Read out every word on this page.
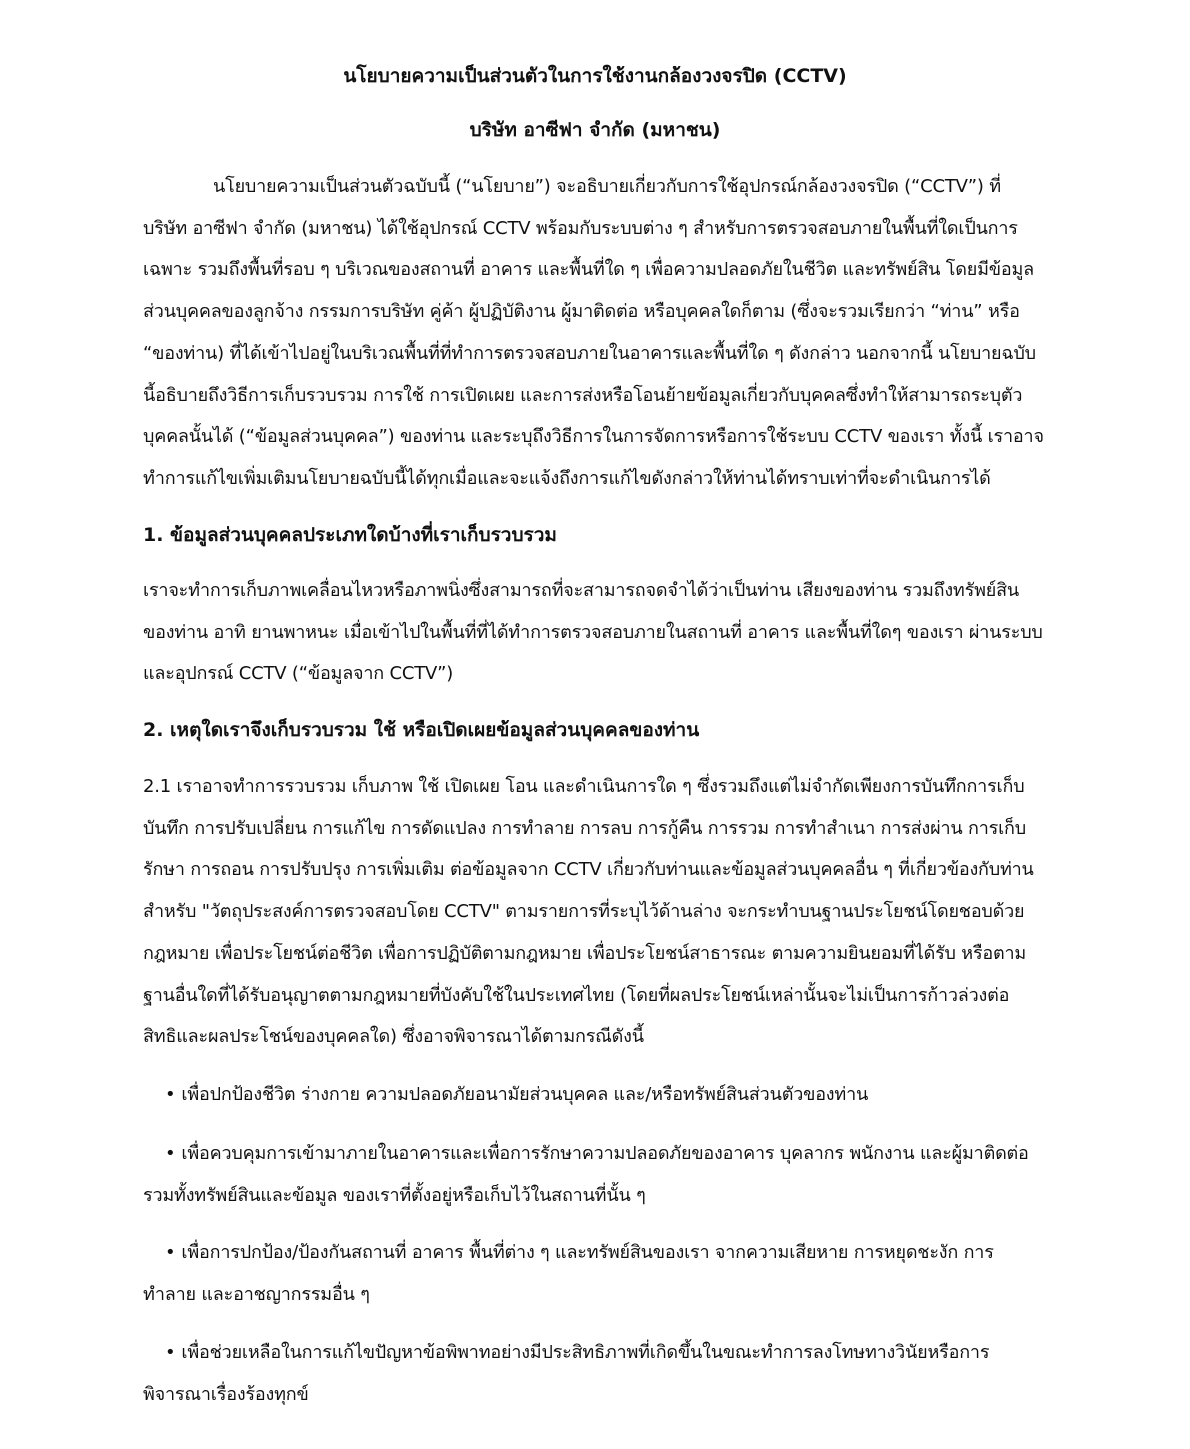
นโยบายความเป็นส่วนตัวในการใช้งานกล้องวงจรปิด (CCTV)
บริษัท อาซีฟา จำกัด (มหาชน)
นโยบายความเป็นส่วนตัวฉบับนี้ (“นโยบาย”) จะอธิบายเกี่ยวกับการใช้อุปกรณ์กล้องวงจรปิด (“CCTV”) ที่
บริษัท อาซีฟา จำกัด (มหาชน) ได้ใช้อุปกรณ์ CCTV พร้อมกับระบบต่าง ๆ สำหรับการตรวจสอบภายในพื้นที่ใดเป็นการ
เฉพาะ รวมถึงพื้นที่รอบ ๆ บริเวณของสถานที่ อาคาร และพื้นที่ใด ๆ เพื่อความปลอดภัยในชีวิต และทรัพย์สิน โดยมีข้อมูล
ส่วนบุคคลของลูกจ้าง กรรมการบริษัท คู่ค้า ผู้ปฏิบัติงาน ผู้มาติดต่อ หรือบุคคลใดก็ตาม (ซึ่งจะรวมเรียกว่า “ท่าน” หรือ
“ของท่าน) ที่ได้เข้าไปอยู่ในบริเวณพื้นที่ที่ทำการตรวจสอบภายในอาคารและพื้นที่ใด ๆ ดังกล่าว นอกจากนี้ นโยบายฉบับ
นี้อธิบายถึงวิธีการเก็บรวบรวม การใช้ การเปิดเผย และการส่งหรือโอนย้ายข้อมูลเกี่ยวกับบุคคลซึ่งทำให้สามารถระบุตัว
บุคคลนั้นได้ (“ข้อมูลส่วนบุคคล”) ของท่าน และระบุถึงวิธีการในการจัดการหรือการใช้ระบบ CCTV ของเรา ทั้งนี้ เราอาจ
ทำการแก้ไขเพิ่มเติมนโยบายฉบับนี้ได้ทุกเมื่อและจะแจ้งถึงการแก้ไขดังกล่าวให้ท่านได้ทราบเท่าที่จะดำเนินการได้
1. ข้อมูลส่วนบุคคลประเภทใดบ้างที่เราเก็บรวบรวม
เราจะทำการเก็บภาพเคลื่อนไหวหรือภาพนิ่งซึ่งสามารถที่จะสามารถจดจำได้ว่าเป็นท่าน เสียงของท่าน รวมถึงทรัพย์สิน
ของท่าน อาทิ ยานพาหนะ เมื่อเข้าไปในพื้นที่ที่ได้ทำการตรวจสอบภายในสถานที่ อาคาร และพื้นที่ใดๆ ของเรา ผ่านระบบ
และอุปกรณ์ CCTV (“ข้อมูลจาก CCTV”)
2. เหตุใดเราจึงเก็บรวบรวม ใช้ หรือเปิดเผยข้อมูลส่วนบุคคลของท่าน
2.1 เราอาจทำการรวบรวม เก็บภาพ ใช้ เปิดเผย โอน และดำเนินการใด ๆ ซึ่งรวมถึงแต่ไม่จำกัดเพียงการบันทึกการเก็บ
บันทึก การปรับเปลี่ยน การแก้ไข การดัดแปลง การทำลาย การลบ การกู้คืน การรวม การทำสำเนา การส่งผ่าน การเก็บ
รักษา การถอน การปรับปรุง การเพิ่มเติม ต่อข้อมูลจาก CCTV เกี่ยวกับท่านและข้อมูลส่วนบุคคลอื่น ๆ ที่เกี่ยวข้องกับท่าน
สำหรับ "วัตถุประสงค์การตรวจสอบโดย CCTV" ตามรายการที่ระบุไว้ด้านล่าง จะกระทำบนฐานประโยชน์โดยชอบด้วย
กฎหมาย เพื่อประโยชน์ต่อชีวิต เพื่อการปฏิบัติตามกฎหมาย เพื่อประโยชน์สาธารณะ ตามความยินยอมที่ได้รับ หรือตาม
ฐานอื่นใดที่ได้รับอนุญาตตามกฎหมายที่บังคับใช้ในประเทศไทย (โดยที่ผลประโยชน์เหล่านั้นจะไม่เป็นการก้าวล่วงต่อ
สิทธิและผลประโชน์ของบุคคลใด) ซึ่งอาจพิจารณาได้ตามกรณีดังนี้
• เพื่อปกป้องชีวิต ร่างกาย ความปลอดภัยอนามัยส่วนบุคคล และ/หรือทรัพย์สินส่วนตัวของท่าน
• เพื่อควบคุมการเข้ามาภายในอาคารและเพื่อการรักษาความปลอดภัยของอาคาร บุคลากร พนักงาน และผู้มาติดต่อ
รวมทั้งทรัพย์สินและข้อมูล ของเราที่ตั้งอยู่หรือเก็บไว้ในสถานที่นั้น ๆ
• เพื่อการปกป้อง/ป้องกันสถานที่ อาคาร พื้นที่ต่าง ๆ และทรัพย์สินของเรา จากความเสียหาย การหยุดชะงัก การ
ทำลาย และอาชญากรรมอื่น ๆ
• เพื่อช่วยเหลือในการแก้ไขปัญหาข้อพิพาทอย่างมีประสิทธิภาพที่เกิดขึ้นในขณะทำการลงโทษทางวินัยหรือการ
พิจารณาเรื่องร้องทุกข์
